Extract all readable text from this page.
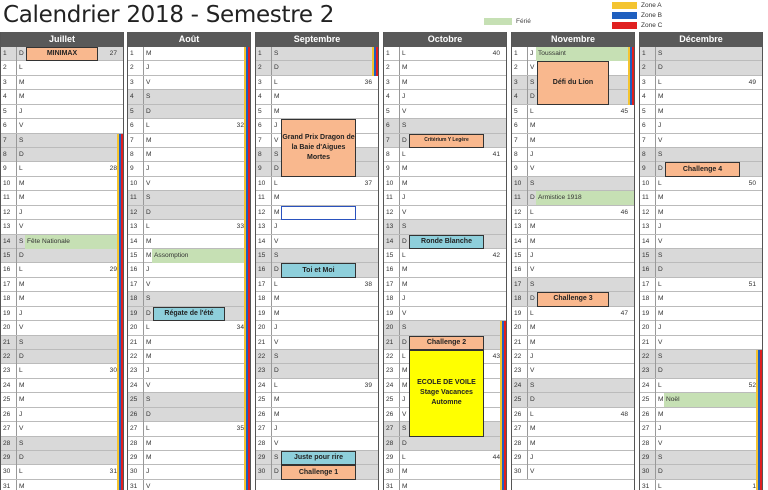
Calendrier 2018 - Semestre 2	Férié
Zone A
Zone B
Zone C
Juillet
1	D	27
2	L
3	M
4	M
5	J
6	V
7	S
8	D
9	L	28
10	M
11	M
12	J
13	V
14	S Fête Nationale
15	D
16	L	29
17	M
18	M
19	J
20	V
21	S
22	D
23	L	30
24	M
25	M
26	J
27	V
28	S
29	D
30	L	31
31	M
Août
1	M
2	J
3	V
4	S
5	D
6	L	32
7	M
8	M
9	J
10	V
11	S
12	D
13	L	33
14	M
15	M Assomption
16	J
17	V
18	S
19	D
20	L	34
21	M
22	M
23	J
24	V
25	S
26	D
27	L	35
28	M
29	M
30	J
31	V
Septembre
1	S
2	D
3	L	36
4	M
5	M
6	J
7	V
8	S
9	D
10	L	37
11	M
12	M
13	J
14	V
15	S
16	D
17	L	38
18	M
19	M
20	J
21	V
22	S
23	D
24	L	39
25	M
26	M
27	J
28	V
29	S
30	D
Octobre
1	L	40
2	M
3	M
4	J
5	V
6	S
7	D
8	L	41
9	M
10	M
11	J
12	V
13	S
14	D
15	L	42
16	M
17	M
18	J
19	V
20	S
21	D
22	L	43
23	M
24	M
25	J
26	V
27	S
28	D
29	L	44
30	M
31	M
Novembre
1	J Toussaint
2	V
3	S
4	D
5	L	45
6	M
7	M
8	J
9	V
10	S
11	D Armistice 1918
12	L	46
13	M
14	M
15	J
16	V
17	S
18	D
19	L	47
20	M
21	M
22	J
23	V
24	S
25	D
26	L	48
27	M
28	M
29	J
30	V
Décembre
1	S
2	D
3	L	49
4	M
5	M
6	J
7	V
8	S
9	D
10	L	50
11	M
12	M
13	J
14	V
15	S
16	D
17	L	51
18	M
19	M
20	J
21	V
22	S
23	D
24	L	52
25	M Noël
26	M
27	J
28	V
29	S
30	D
31	L	1
MINIMAX
Régate de l'été
Grand Prix Dragon de la Baie d'Aigues Mortes
Toi et Moi
Juste pour rire
Challenge 1
Critérium Y Legère
Ronde Blanche
Challenge 2
ECOLE DE VOILE Stage Vacances Automne
Défi du Lion
Challenge 3
Challenge 4
